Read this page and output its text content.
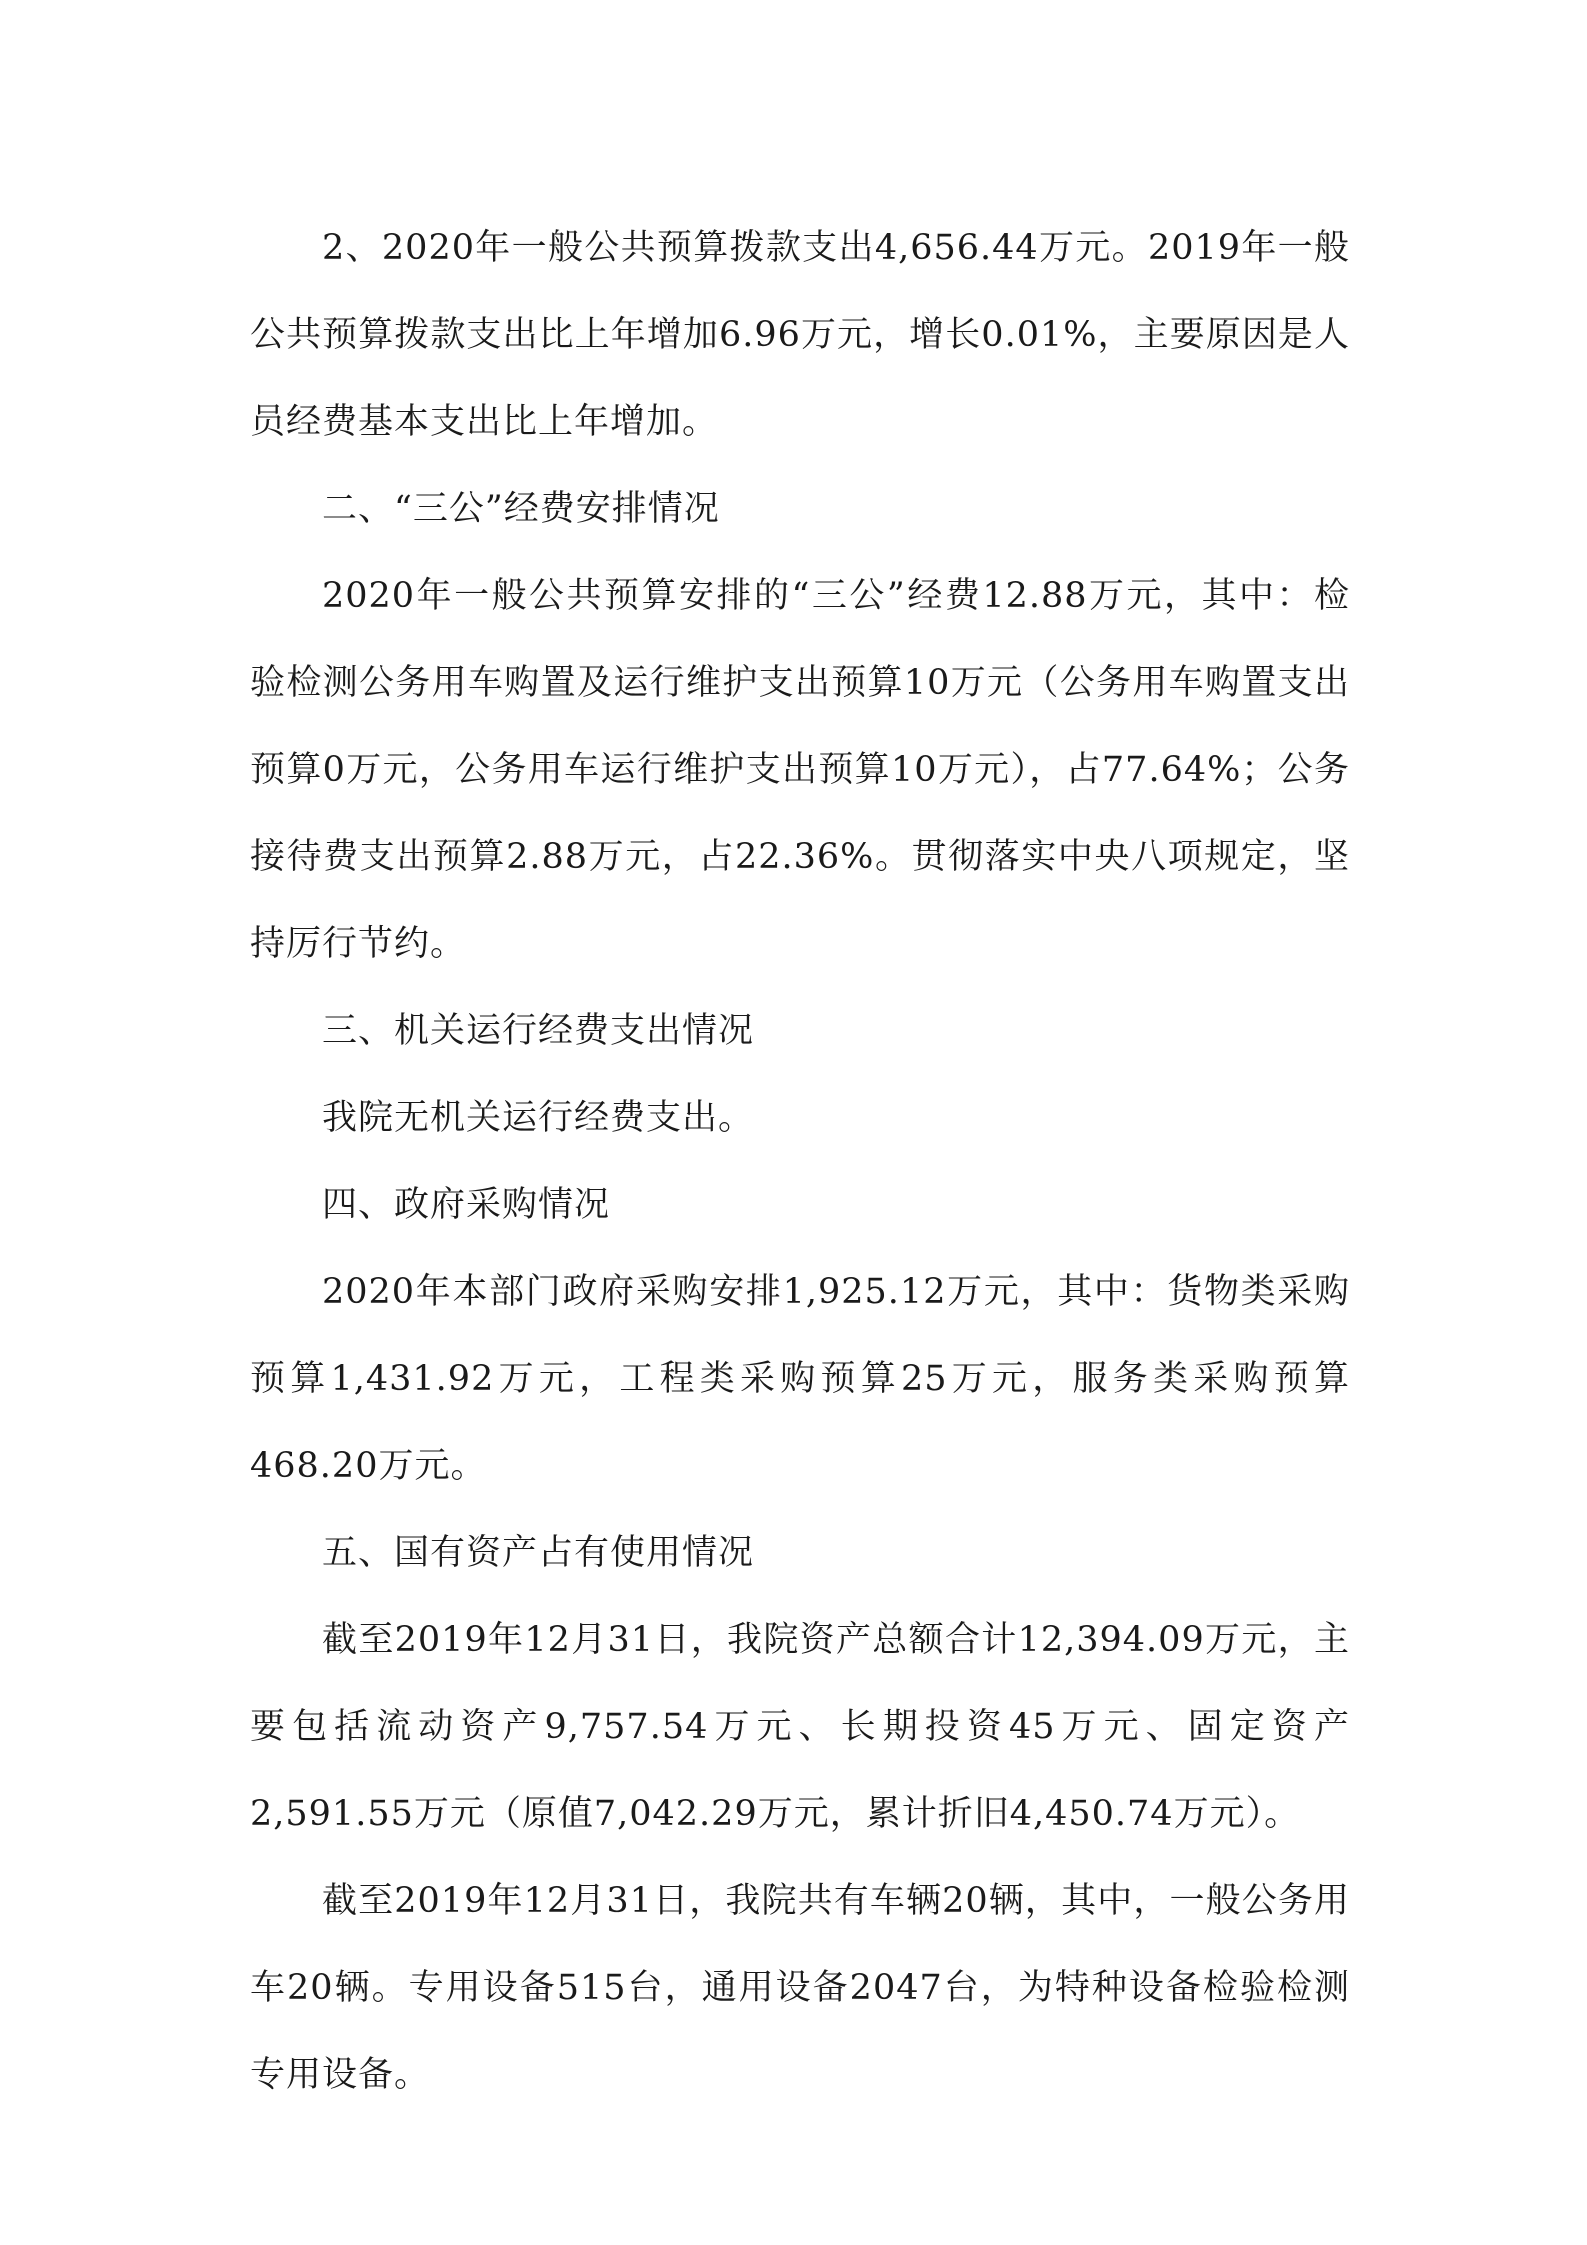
2、2020年一般公共预算拨款支出4,656.44万元。2019年一般公共预算拨款支出比上年增加6.96万元，增长0.01%，主要原因是人员经费基本支出比上年增加。

二、“三公”经费安排情况

2020年一般公共预算安排的“三公”经费12.88万元，其中：检验检测公务用车购置及运行维护支出预算10万元（公务用车购置支出预算0万元，公务用车运行维护支出预算10万元），占77.64%；公务接待费支出预算2.88万元，占22.36%。贯彻落实中央八项规定，坚持厉行节约。

三、机关运行经费支出情况

我院无机关运行经费支出。

四、政府采购情况

2020年本部门政府采购安排1,925.12万元，其中：货物类采购预算1,431.92万元，工程类采购预算25万元，服务类采购预算468.20万元。

五、国有资产占有使用情况

截至2019年12月31日，我院资产总额合计12,394.09万元，主要包括流动资产9,757.54万元、长期投资45万元、固定资产2,591.55万元（原值7,042.29万元，累计折旧4,450.74万元）。

截至2019年12月31日，我院共有车辆20辆，其中，一般公务用车20辆。专用设备515台，通用设备2047台，为特种设备检验检测专用设备。
